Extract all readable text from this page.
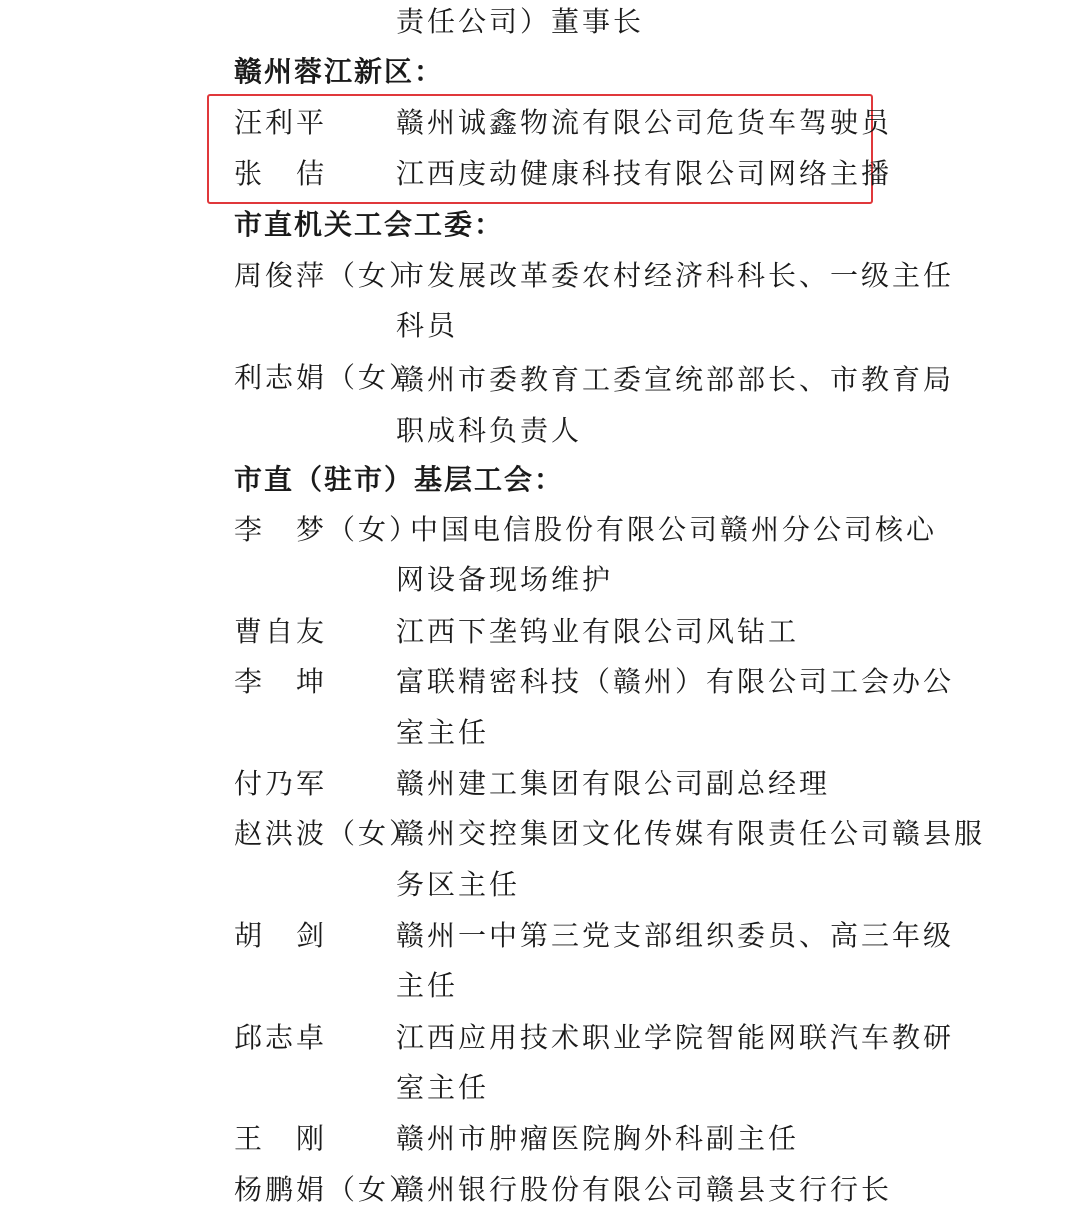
责任公司）董事长
赣州蓉江新区：
汪利平 赣州诚鑫物流有限公司危货车驾驶员
张　佶 江西庋动健康科技有限公司网络主播
市直机关工会工委：
周俊萍（女）
市发展改革委农村经济科科长、一级主任
科员
利志娟（女）
赣州市委教育工委宣统部部长、市教育局
职成科负责人
市直（驻市）基层工会：
李　梦（女）
中国电信股份有限公司赣州分公司核心
网设备现场维护
曹自友 江西下垄钨业有限公司风钻工
李　坤 富联精密科技（赣州）有限公司工会办公
室主任
付乃军 赣州建工集团有限公司副总经理
赵洪波（女）
赣州交控集团文化传媒有限责任公司赣县服
务区主任
胡　剑 赣州一中第三党支部组织委员、高三年级
主任
邱志卓 江西应用技术职业学院智能网联汽车教研
室主任
王　刚 赣州市肿瘤医院胸外科副主任
杨鹏娟（女）
赣州银行股份有限公司赣县支行行长
